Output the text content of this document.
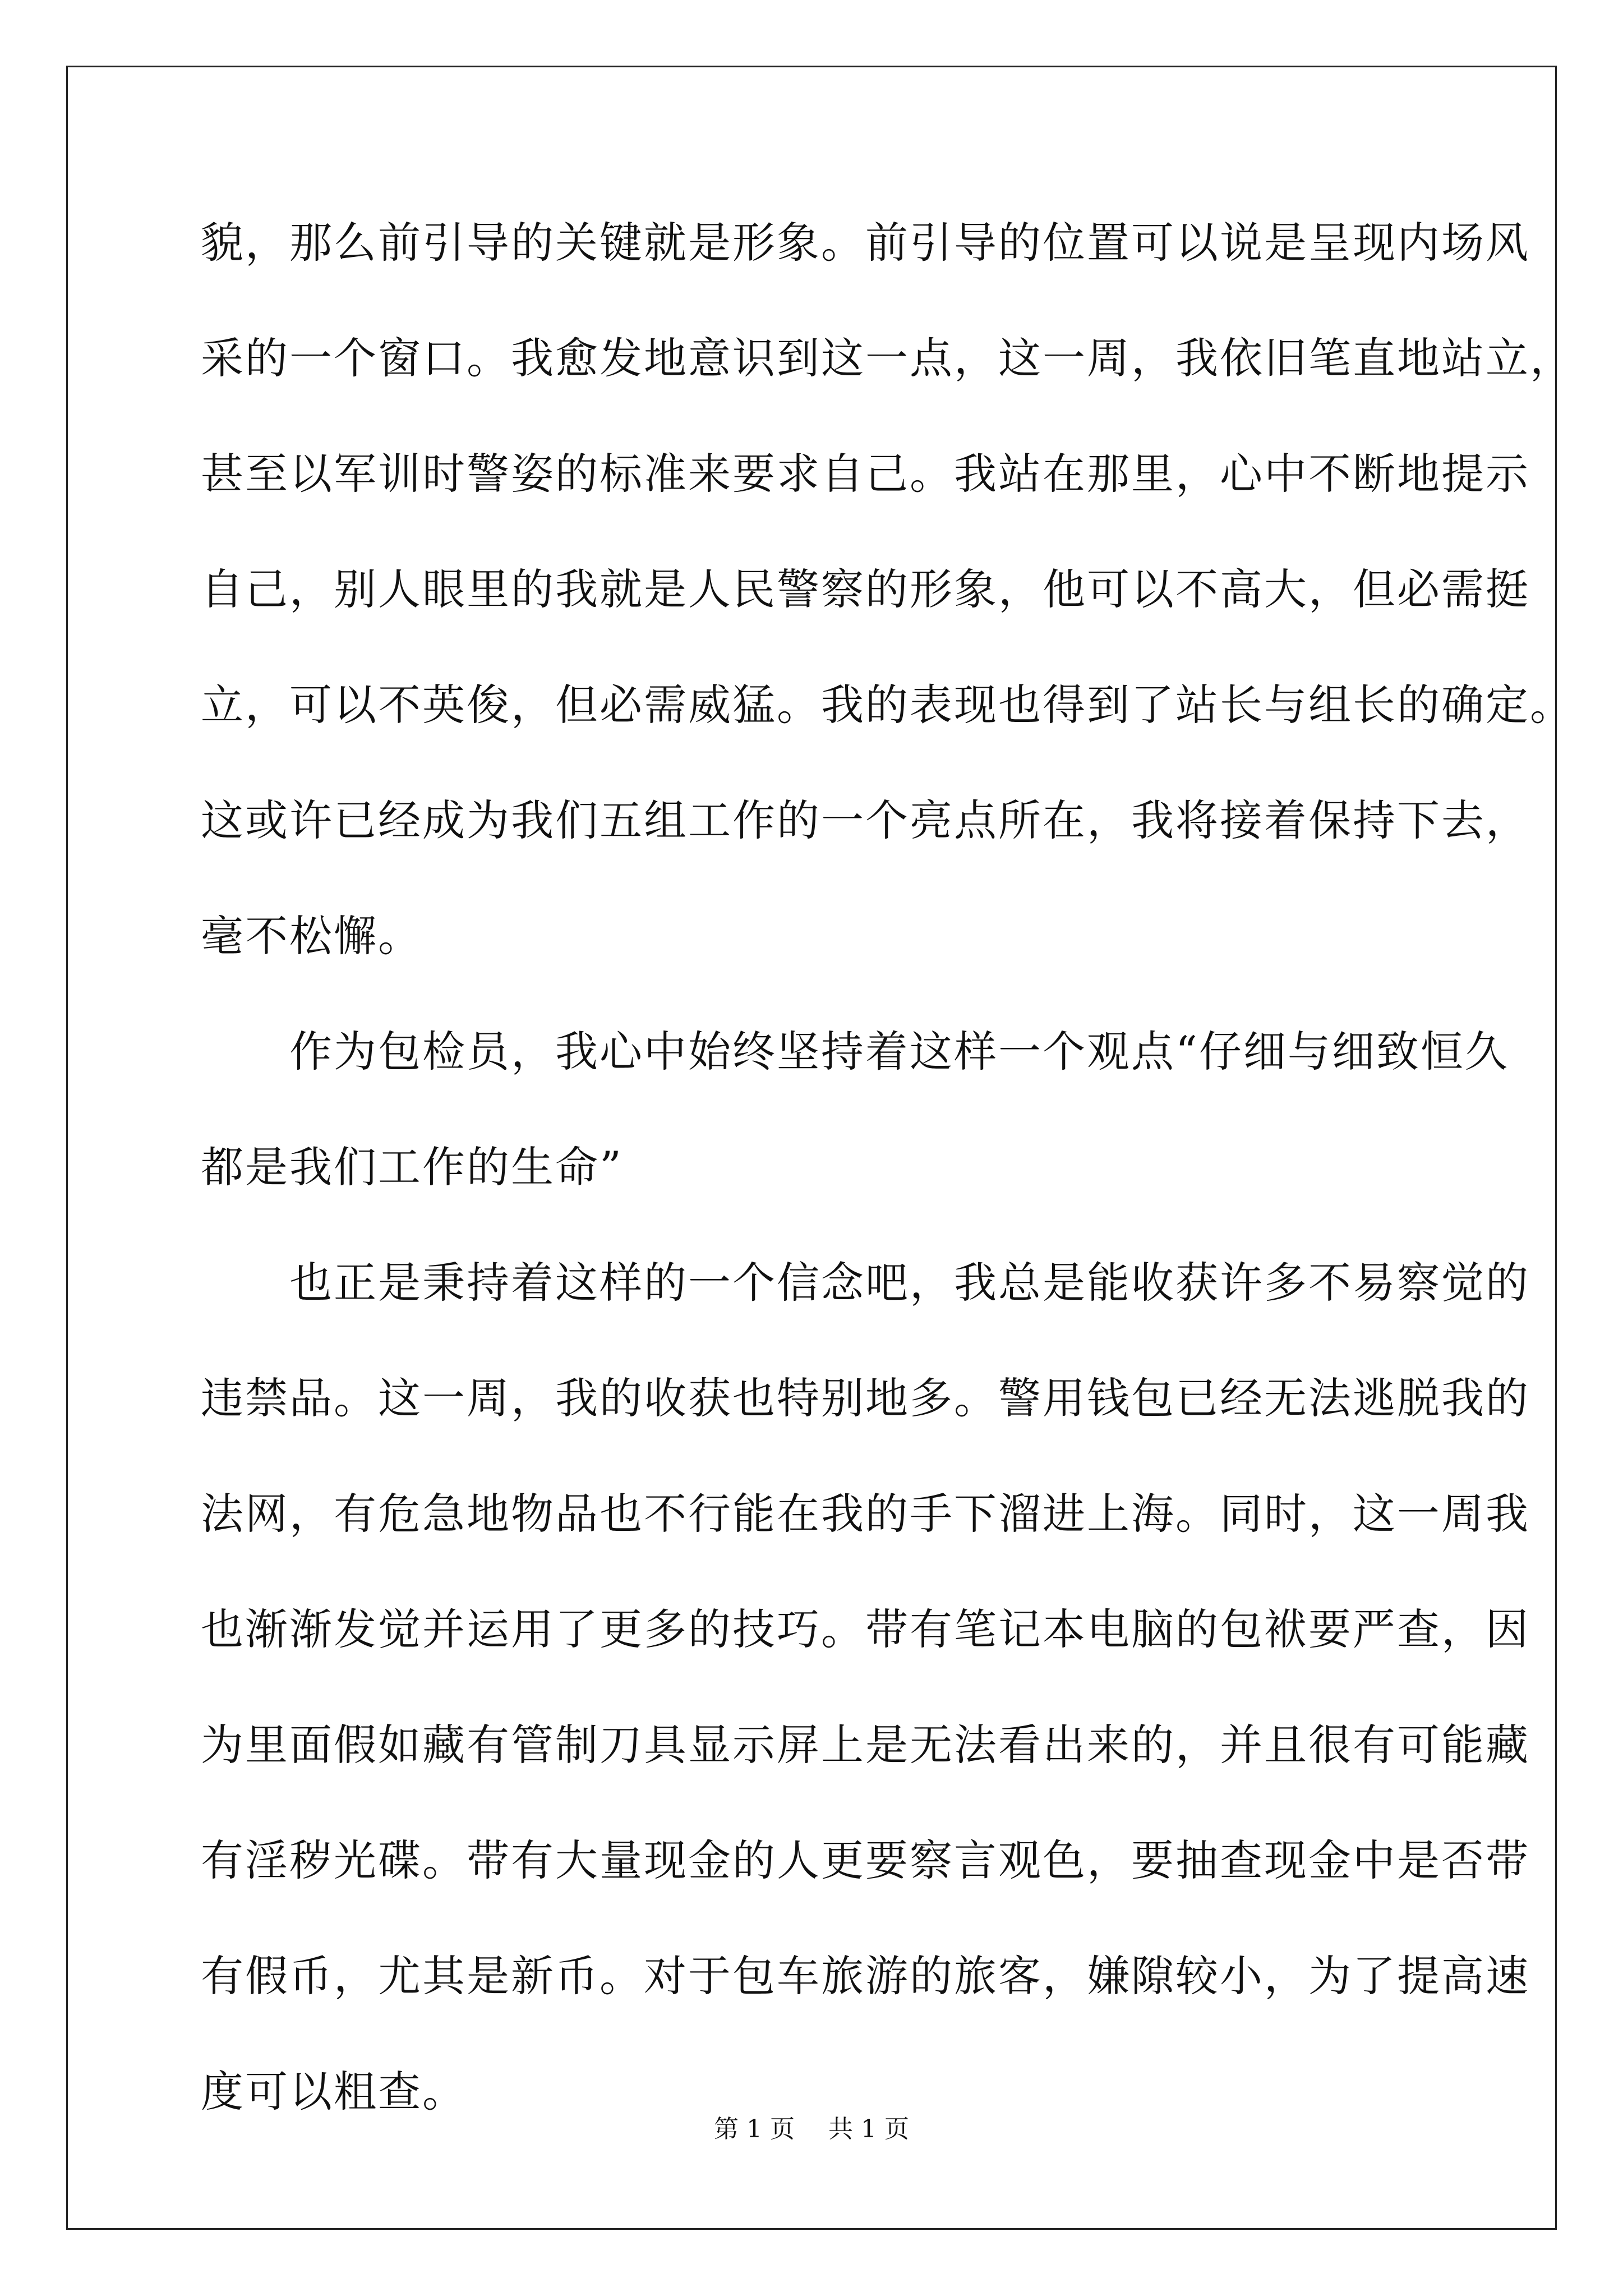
貌，那么前引导的关键就是形象。前引导的位置可以说是呈现内场风
采的一个窗口。我愈发地意识到这一点，这一周，我依旧笔直地站立，
甚至以军训时警姿的标准来要求自己。我站在那里，心中不断地提示
自己，别人眼里的我就是人民警察的形象，他可以不高大，但必需挺
立，可以不英俊，但必需威猛。我的表现也得到了站长与组长的确定。
这或许已经成为我们五组工作的一个亮点所在，我将接着保持下去，
毫不松懈。
　　作为包检员，我心中始终坚持着这样一个观点“仔细与细致恒久
都是我们工作的生命”
　　也正是秉持着这样的一个信念吧，我总是能收获许多不易察觉的
违禁品。这一周，我的收获也特别地多。警用钱包已经无法逃脱我的
法网，有危急地物品也不行能在我的手下溜进上海。同时，这一周我
也渐渐发觉并运用了更多的技巧。带有笔记本电脑的包袱要严查，因
为里面假如藏有管制刀具显示屏上是无法看出来的，并且很有可能藏
有淫秽光碟。带有大量现金的人更要察言观色，要抽查现金中是否带
有假币，尤其是新币。对于包车旅游的旅客，嫌隙较小，为了提高速
度可以粗查。
第 1 页 共 1 页
